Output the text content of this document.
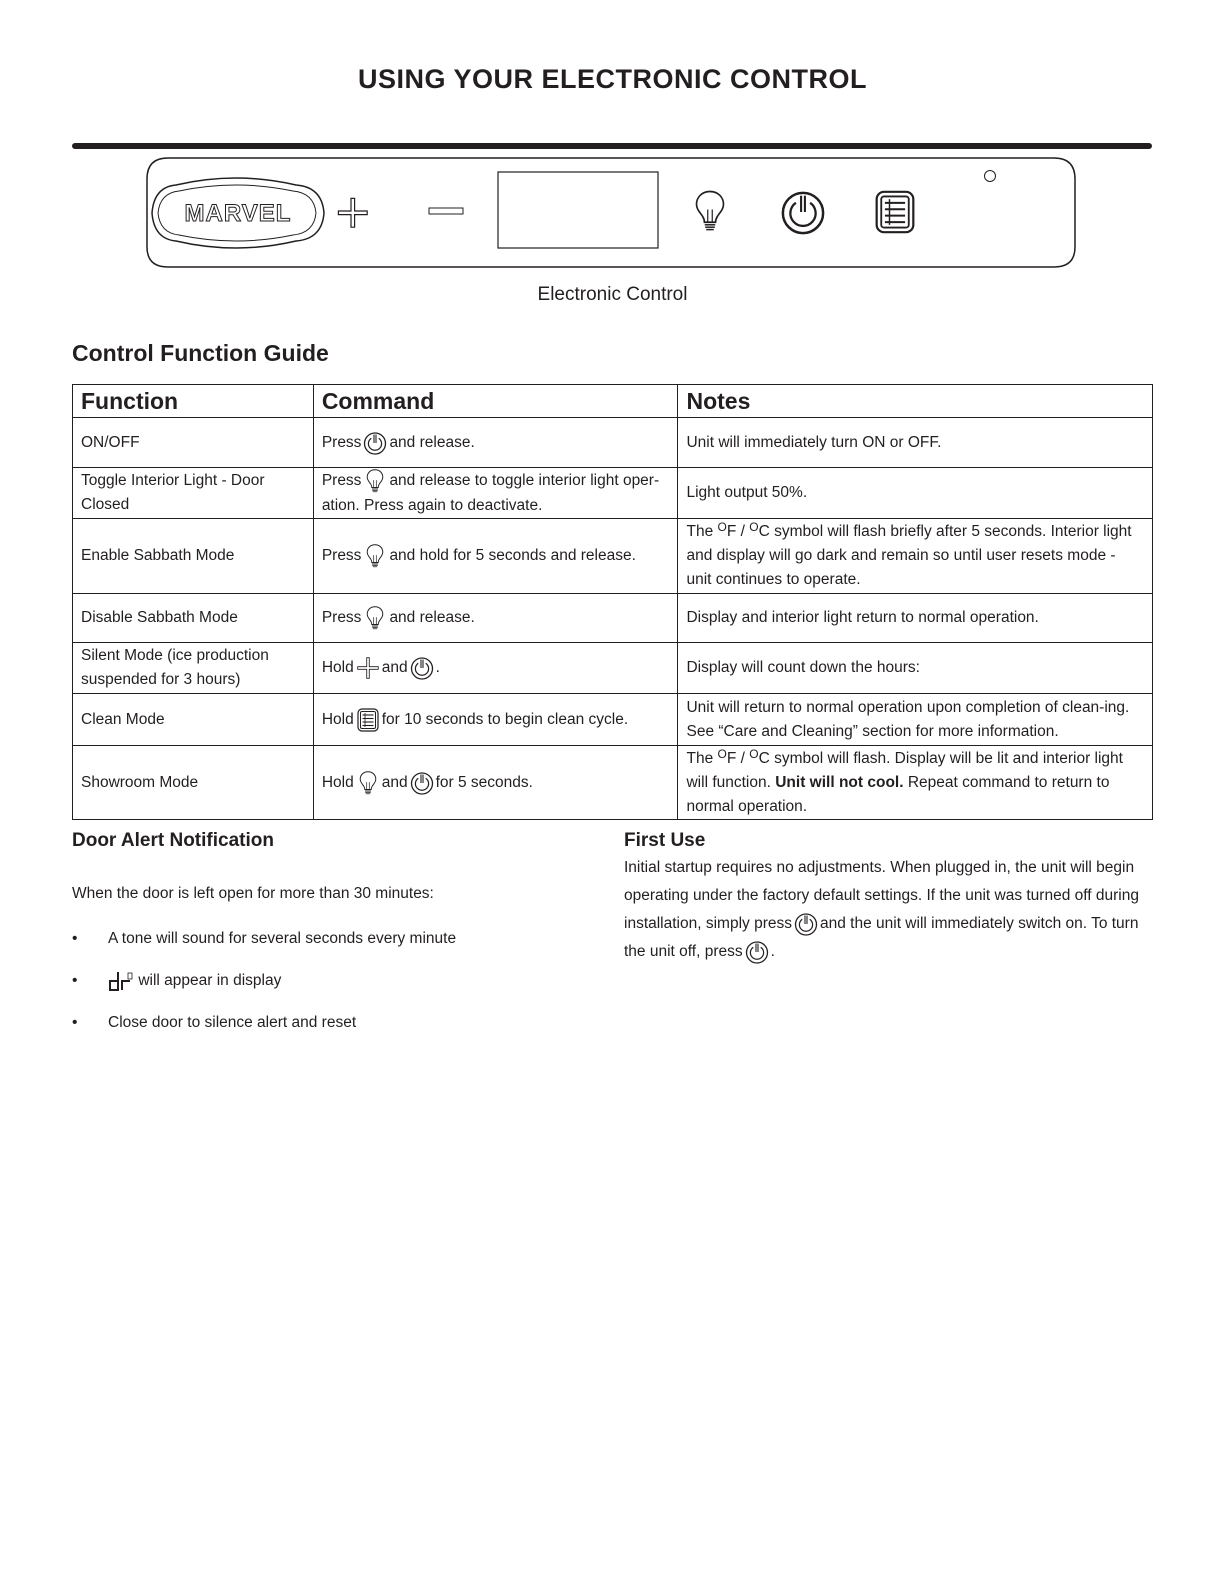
USING YOUR ELECTRONIC CONTROL
MARVEL
Electronic Control
Control Function Guide
Function	Command	Notes
ON/OFF	Press and release.	Unit will immediately turn ON or OFF.
Toggle Interior Light - Door Closed	Press and release to toggle interior light oper-ation. Press again to deactivate.	Light output 50%.
Enable Sabbath Mode	Press and hold for 5 seconds and release.	The $^O$F / $^O$C symbol will flash briefly after 5 seconds. Interior light and display will go dark and remain so until user resets mode - unit continues to operate.
Disable Sabbath Mode	Press and release.	Display and interior light return to normal operation.
Silent Mode (ice production suspended for 3 hours)	Hold and .	Display will count down the hours:
Clean Mode	Hold for 10 seconds to begin clean cycle.	Unit will return to normal operation upon completion of clean-ing. See “Care and Cleaning” section for more information.
Showroom Mode	Hold and for 5 seconds.	The $^O$F / $^O$C symbol will flash. Display will be lit and interior light will function. Unit will not cool. Repeat command to return to normal operation.
Door Alert Notification
When the door is left open for more than 30 minutes:
• A tone will sound for several seconds every minute
• will appear in display
• Close door to silence alert and reset
First Use
Initial startup requires no adjustments. When plugged in, the unit will begin operating under the factory default settings. If the unit was turned off during installation, simply press and the unit will immediately switch on. To turn the unit off, press .
